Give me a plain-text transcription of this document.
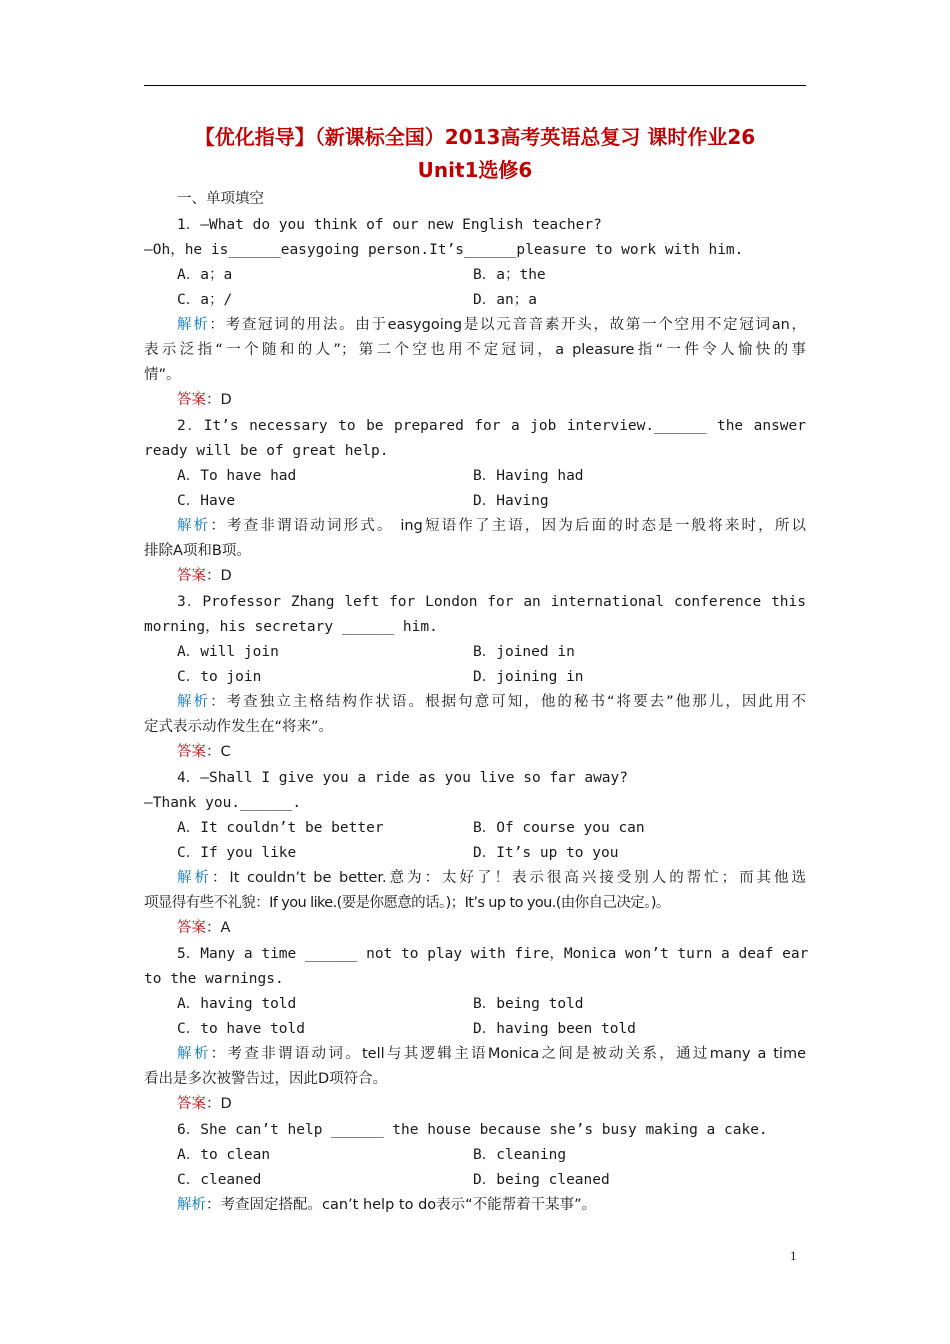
【优化指导】（新课标全国）2013高考英语总复习 课时作业26
Unit1选修6
一、单项填空
1．—What do you think of our new English teacher?
—Oh，he is______easygoing person.It’s______pleasure to work with him.
A．a；a	B．a；the
C．a；/	D．an；a
解析：考查冠词的用法。由于easygoing是以元音音素开头，故第一个空用不定冠词an，
表示泛指“一个随和的人”；第二个空也用不定冠词，a pleasure指“一件令人愉快的事
情”。
答案：D
2．It’s necessary to be prepared for a job interview.______ the answer
ready will be of great help.
A．To have had	B．Having had
C．Have	D．Having
解析：考查非谓语动词形式。 ing短语作了主语，因为后面的时态是一般将来时，所以
排除A项和B项。
答案：D
3．Professor Zhang left for London for an international conference this
morning，his secretary ______ him.
A．will join	B．joined in
C．to join	D．joining in
解析：考查独立主格结构作状语。根据句意可知，他的秘书“将要去”他那儿，因此用不
定式表示动作发生在“将来”。
答案：C
4．—Shall I give you a ride as you live so far away?
—Thank you.______.
A．It couldn’t be better	B．Of course you can
C．If you like	D．It’s up to you
解析：It couldn’t be better.意为：太好了！表示很高兴接受别人的帮忙；而其他选
项显得有些不礼貌：If you like.(要是你愿意的话。)；It’s up to you.(由你自己决定。)。
答案：A
5．Many a time ______ not to play with fire，Monica won’t turn a deaf ear
to the warnings.
A．having told	B．being told
C．to have told	D．having been told
解析：考查非谓语动词。tell与其逻辑主语Monica之间是被动关系，通过many a time
看出是多次被警告过，因此D项符合。
答案：D
6．She can’t help ______ the house because she’s busy making a cake.
A．to clean	B．cleaning
C．cleaned	D．being cleaned
解析：考查固定搭配。can’t help to do表示“不能帮着干某事”。
1
